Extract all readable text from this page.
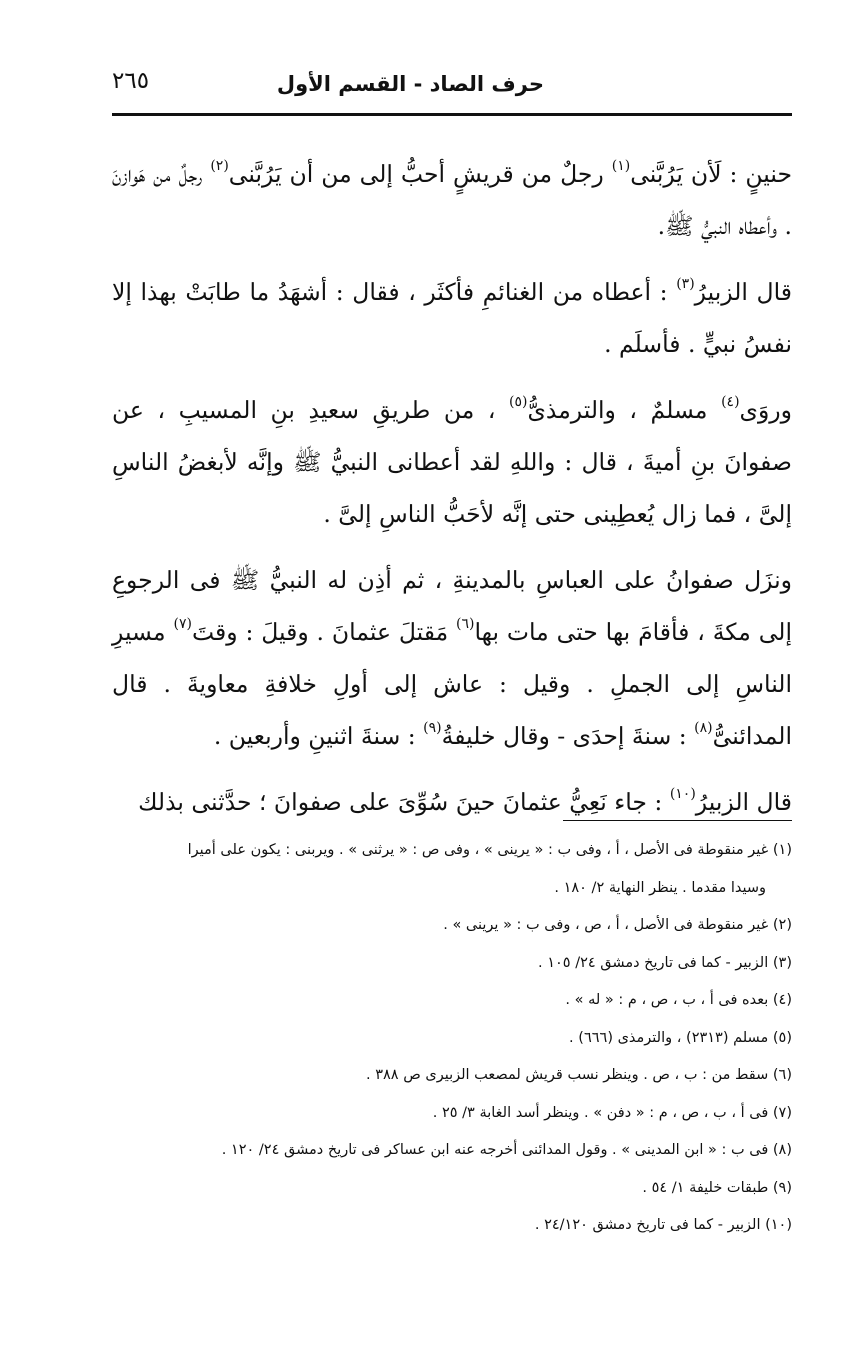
حرف الصاد - القسم الأول
٢٦٥

حنينٍ : لَأن يَرُبَّنى$^{(١)}$ رجلٌ من قريشٍ أحبُّ إلى من أن يَرُبَّنى$^{(٢)}$ رجلٌ من هَوازنَ . وأعطاه النبيُّ ﷺ.

قال الزبيرُ$^{(٣)}$ : أعطاه من الغنائمِ فأكثَر ، فقال : أشهَدُ ما طابَتْ بهذا إلا نفسُ نبيٍّ . فأسلَم .

وروَى$^{(٤)}$ مسلمٌ ، والترمذىُّ$^{(٥)}$ ، من طريقِ سعيدِ بنِ المسيبِ ، عن صفوانَ بنِ أميةَ ، قال : واللهِ لقد أعطانى النبيُّ ﷺ وإنَّه لأبغضُ الناسِ إلىَّ ، فما زال يُعطِينى حتى إنَّه لأحَبُّ الناسِ إلىَّ .

ونزَل صفوانُ على العباسِ بالمدينةِ ، ثم أذِن له النبيُّ ﷺ فى الرجوعِ إلى مكةَ ، فأقامَ بها حتى مات بها$^{(٦)}$ مَقتلَ عثمانَ . وقيلَ : وقتَ$^{(٧)}$ مسيرِ الناسِ إلى الجملِ . وقيل : عاش إلى أولِ خلافةِ معاويةَ . قال المدائنىُّ$^{(٨)}$ : سنةَ إحدَى - وقال خليفةُ$^{(٩)}$ : سنةَ اثنينِ وأربعين .

قال الزبيرُ$^{(١٠)}$ : جاء نَعِيُّ عثمانَ حينَ سُوِّىَ على صفوانَ ؛ حدَّثنى بذلك

(١) غير منقوطة فى الأصل ، أ ، وفى ب : « يرينى » ، وفى ص : « يرثنى » . ويربنى : يكون على أميرا

وسيدا مقدما . ينظر النهاية ٢/ ١٨٠ .

(٢) غير منقوطة فى الأصل ، أ ، ص ، وفى ب : « يرينى » .

(٣) الزبير - كما فى تاريخ دمشق ٢٤/ ١٠٥ .

(٤) بعده فى أ ، ب ، ص ، م : « له » .

(٥) مسلم (٢٣١٣) ، والترمذى (٦٦٦) .

(٦) سقط من : ب ، ص . وينظر نسب قريش لمصعب الزبيرى ص ٣٨٨ .

(٧) فى أ ، ب ، ص ، م : « دفن » . وينظر أسد الغابة ٣/ ٢٥ .

(٨) فى ب : « ابن المدينى » . وقول المدائنى أخرجه عنه ابن عساكر فى تاريخ دمشق ٢٤/ ١٢٠ .

(٩) طبقات خليفة ١/ ٥٤ .

(١٠) الزبير - كما فى تاريخ دمشق ٢٤/١٢٠ .
